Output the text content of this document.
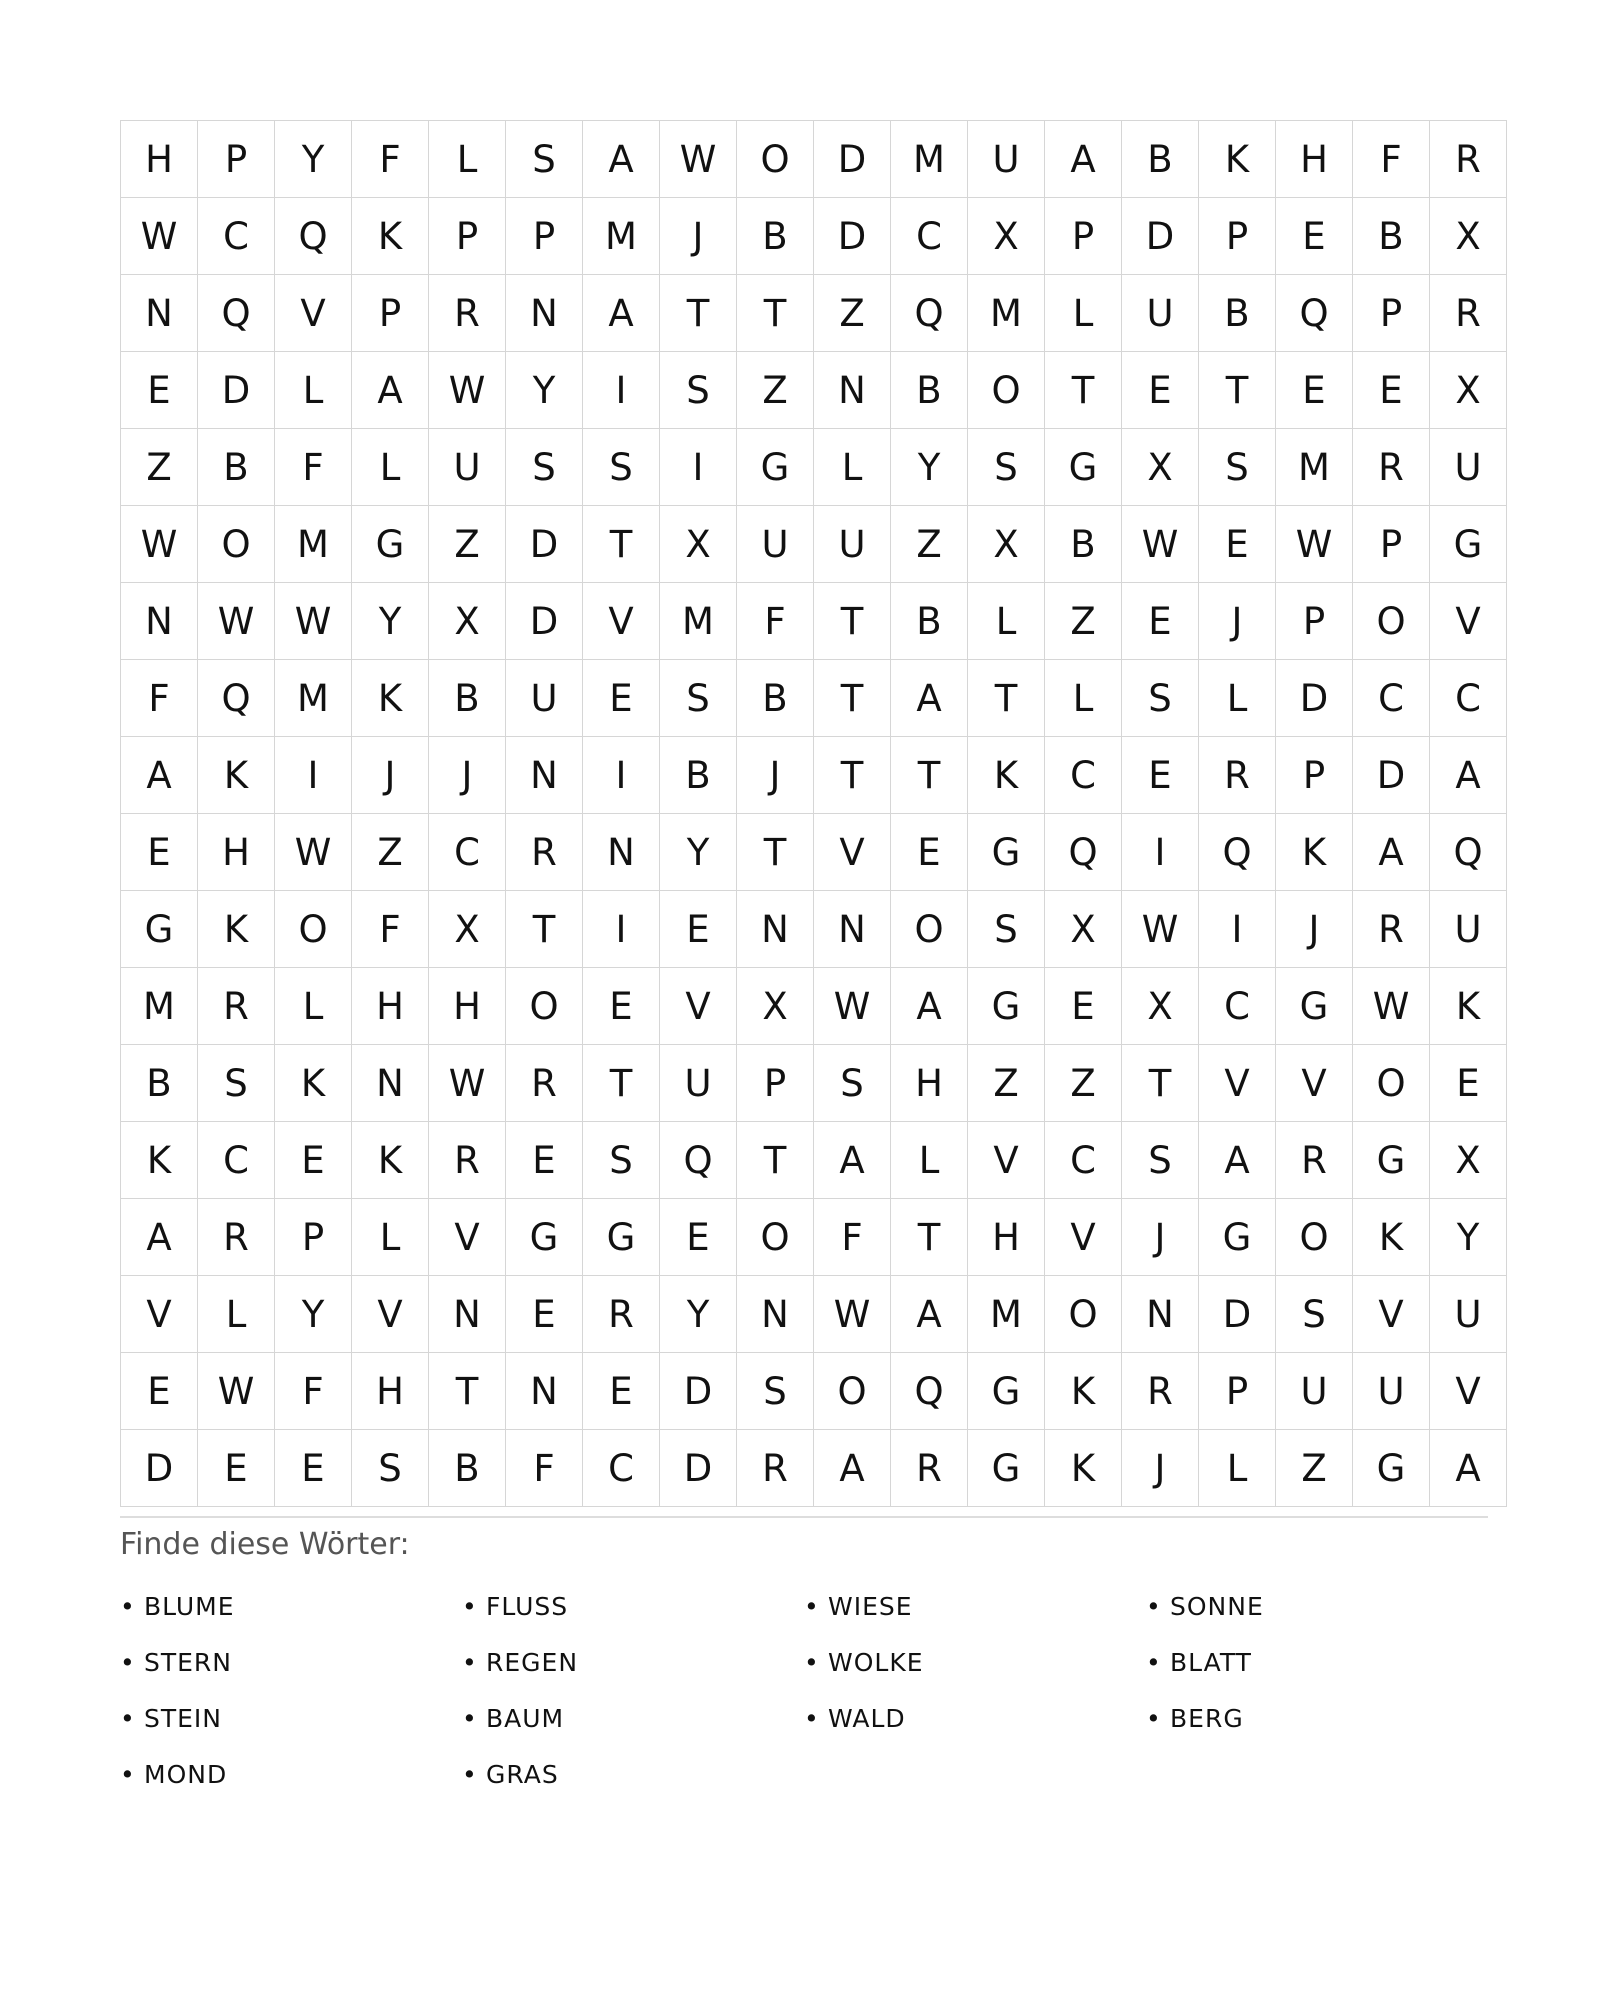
H	P	Y	F	L	S	A	W	O	D	M	U	A	B	K	H	F	R
W	C	Q	K	P	P	M	J	B	D	C	X	P	D	P	E	B	X
N	Q	V	P	R	N	A	T	T	Z	Q	M	L	U	B	Q	P	R
E	D	L	A	W	Y	I	S	Z	N	B	O	T	E	T	E	E	X
Z	B	F	L	U	S	S	I	G	L	Y	S	G	X	S	M	R	U
W	O	M	G	Z	D	T	X	U	U	Z	X	B	W	E	W	P	G
N	W	W	Y	X	D	V	M	F	T	B	L	Z	E	J	P	O	V
F	Q	M	K	B	U	E	S	B	T	A	T	L	S	L	D	C	C
A	K	I	J	J	N	I	B	J	T	T	K	C	E	R	P	D	A
E	H	W	Z	C	R	N	Y	T	V	E	G	Q	I	Q	K	A	Q
G	K	O	F	X	T	I	E	N	N	O	S	X	W	I	J	R	U
M	R	L	H	H	O	E	V	X	W	A	G	E	X	C	G	W	K
B	S	K	N	W	R	T	U	P	S	H	Z	Z	T	V	V	O	E
K	C	E	K	R	E	S	Q	T	A	L	V	C	S	A	R	G	X
A	R	P	L	V	G	G	E	O	F	T	H	V	J	G	O	K	Y
V	L	Y	V	N	E	R	Y	N	W	A	M	O	N	D	S	V	U
E	W	F	H	T	N	E	D	S	O	Q	G	K	R	P	U	U	V
D	E	E	S	B	F	C	D	R	A	R	G	K	J	L	Z	G	A
Finde diese Wörter:
• BLUME	• FLUSS	• WIESE	• SONNE
• STERN	• REGEN	• WOLKE	• BLATT
• STEIN	• BAUM	• WALD	• BERG
• MOND	• GRAS
